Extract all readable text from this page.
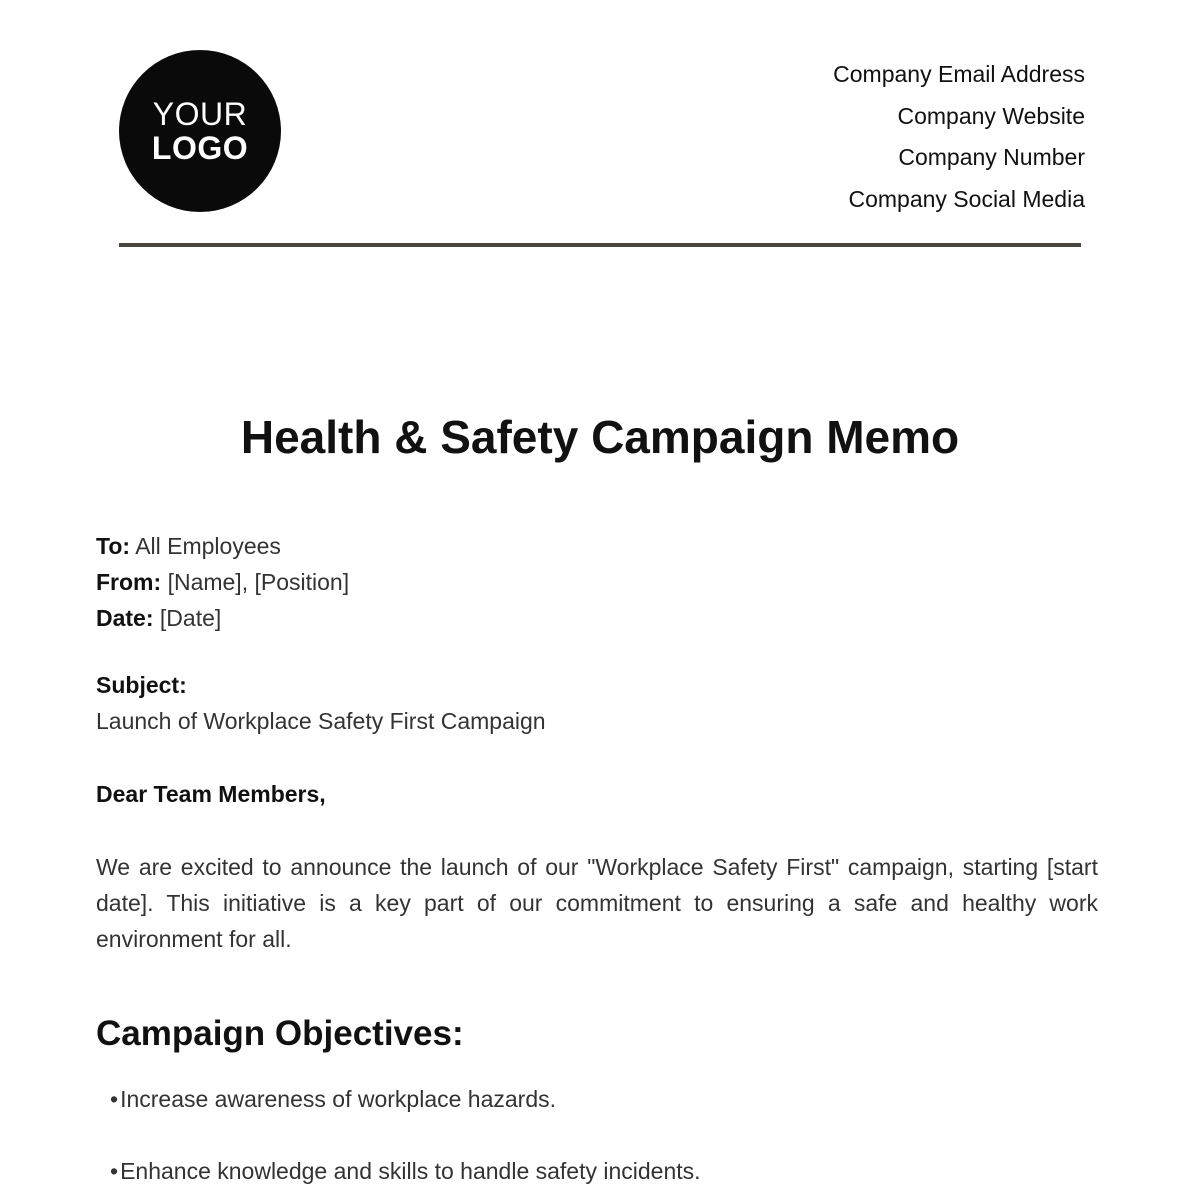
YOUR
LOGO
Company Email Address
Company Website
Company Number
Company Social Media
Health & Safety Campaign Memo
To: All Employees
From: [Name], [Position]
Date: [Date]
Subject:
Launch of Workplace Safety First Campaign
Dear Team Members,
We are excited to announce the launch of our "Workplace Safety First" campaign, starting [start date]. This initiative is a key part of our commitment to ensuring a safe and healthy work environment for all.
Campaign Objectives:
•Increase awareness of workplace hazards.
•Enhance knowledge and skills to handle safety incidents.
